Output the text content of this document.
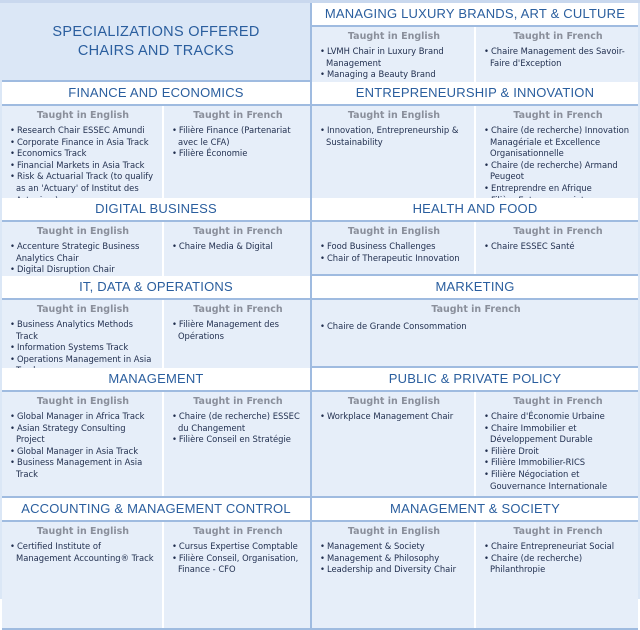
SPECIALIZATIONS OFFERED
CHAIRS AND TRACKS
MANAGING LUXURY BRANDS, ART & CULTURE
Taught in English
• LVMH Chair in Luxury Brand Management
• Managing a Beauty Brand
Taught in French
• Chaire Management des Savoir-Faire d'Exception
FINANCE AND ECONOMICS
Taught in English
• Research Chair ESSEC Amundi
• Corporate Finance in Asia Track
• Economics Track
• Financial Markets in Asia Track
• Risk & Actuarial Track (to qualify as an 'Actuary' of Institut des
Taught in French
• Filière Finance (Partenariat avec le CFA)
• Filière Économie
ENTREPRENEURSHIP & INNOVATION
Taught in English
• Innovation, Entrepreneurship & Sustainability
Taught in French
• Chaire (de recherche) Innovation Managériale et Excellence Organisationnelle
• Chaire (de recherche) Armand Peugeot
• Entreprendre en Afrique
•
DIGITAL BUSINESS
Taught in English
• Accenture Strategic Business Analytics Chair
• Digital Disruption Chair
Taught in French
• Chaire Media & Digital
HEALTH AND FOOD
Taught in English
• Food Business Challenges
• Chair of Therapeutic Innovation
Taught in French
• Chaire ESSEC Santé
IT, DATA & OPERATIONS
Taught in English
• Business Analytics Methods Track
• Information Systems Track
• Operations Management in Asia
•
Taught in French
• Filière Management des Opérations
MARKETING
Taught in French
• Chaire de Grande Consommation
MANAGEMENT
Taught in English
• Global Manager in Africa Track
• Asian Strategy Consulting Project
• Global Manager in Asia Track
• Business Management in Asia Track
Taught in French
• Chaire (de recherche) ESSEC du Changement
• Filière Conseil en Stratégie
PUBLIC & PRIVATE POLICY
Taught in English
• Workplace Management Chair
Taught in French
• Chaire d'Économie Urbaine
• Chaire Immobilier et Développement Durable
• Filière Droit
• Filière Immobilier-RICS
• Filière Négociation et Gouvernance Internationale
ACCOUNTING & MANAGEMENT CONTROL
Taught in English
• Certified Institute of Management Accounting® Track
Taught in French
• Cursus Expertise Comptable
• Filière Conseil, Organisation, Finance - CFO
MANAGEMENT & SOCIETY
Taught in English
• Management & Society
• Management & Philosophy
• Leadership and Diversity Chair
Taught in French
• Chaire Entrepreneuriat Social
• Chaire (de recherche) Philanthropie
